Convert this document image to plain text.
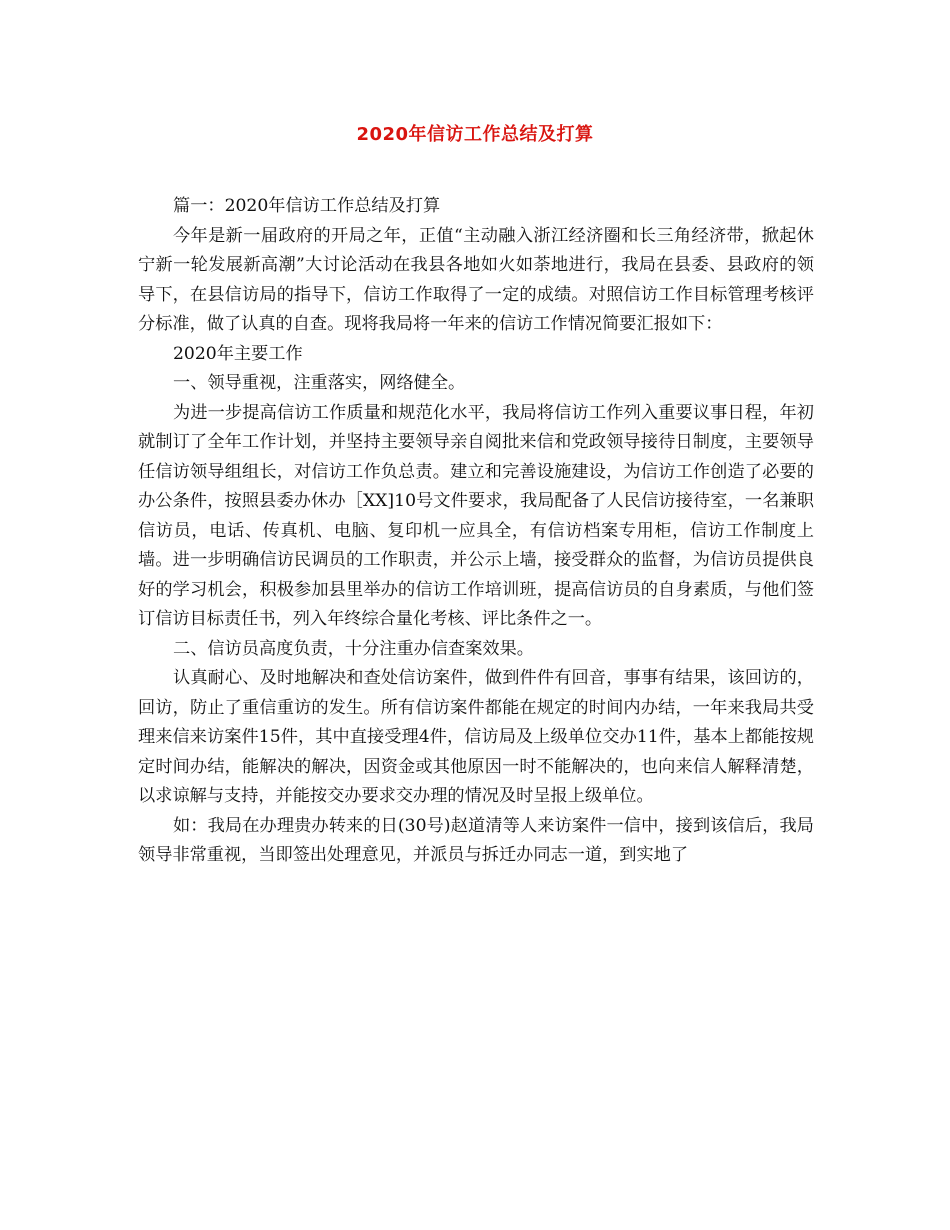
2020年信访工作总结及打算

篇一：2020年信访工作总结及打算

今年是新一届政府的开局之年，正值“主动融入浙江经济圈和长三角经济带，掀起休宁新一轮发展新高潮”大讨论活动在我县各地如火如荼地进行，我局在县委、县政府的领导下，在县信访局的指导下，信访工作取得了一定的成绩。对照信访工作目标管理考核评分标准，做了认真的自查。现将我局将一年来的信访工作情况简要汇报如下：

2020年主要工作

一、领导重视，注重落实，网络健全。

为进一步提高信访工作质量和规范化水平，我局将信访工作列入重要议事日程，年初就制订了全年工作计划，并坚持主要领导亲自阅批来信和党政领导接待日制度，主要领导任信访领导组组长，对信访工作负总责。建立和完善设施建设，为信访工作创造了必要的办公条件，按照县委办休办［XX]10号文件要求，我局配备了人民信访接待室，一名兼职信访员，电话、传真机、电脑、复印机一应具全，有信访档案专用柜，信访工作制度上墙。进一步明确信访民调员的工作职责，并公示上墙，接受群众的监督，为信访员提供良好的学习机会，积极参加县里举办的信访工作培训班，提高信访员的自身素质，与他们签订信访目标责任书，列入年终综合量化考核、评比条件之一。

二、信访员高度负责，十分注重办信查案效果。

认真耐心、及时地解决和查处信访案件，做到件件有回音，事事有结果，该回访的，回访，防止了重信重访的发生。所有信访案件都能在规定的时间内办结，一年来我局共受理来信来访案件15件，其中直接受理4件，信访局及上级单位交办11件，基本上都能按规定时间办结，能解决的解决，因资金或其他原因一时不能解决的，也向来信人解释清楚，以求谅解与支持，并能按交办要求交办理的情况及时呈报上级单位。

如：我局在办理贵办转来的日(30号)赵道清等人来访案件一信中，接到该信后，我局领导非常重视，当即签出处理意见，并派员与拆迁办同志一道，到实地了
